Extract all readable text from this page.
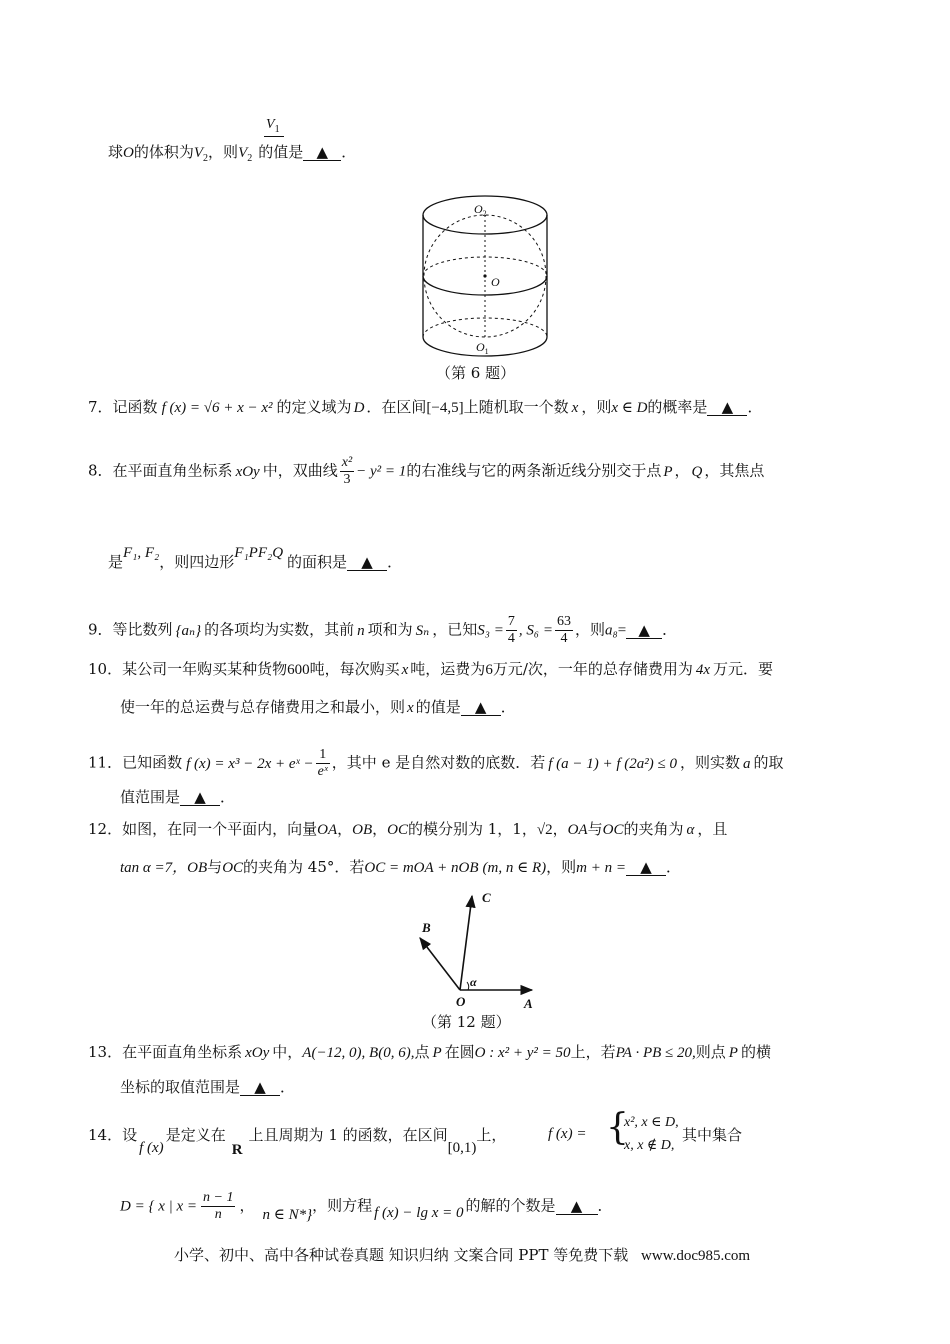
$V_1$
球O的体积为$V_2$，则$V_2$ 的值是 ▲ ．
$O_2$
O
$O_1$
（第 6 题）
7．记函数 f (x) = √6 + x − x² 的定义域为 D ．在区间[−4,5]上随机取一个数 x ，则x ∈ D的概率是 ▲ ．
8．在平面直角坐标系 xOy 中，双曲线 $\frac{\text{x²}}{3} - y^2 = 1$的右准线与它的两条渐近线分别交于点 P ， Q ，其焦点
是F₁, F₂，则四边形F₁PF₂Q 的面积是 ▲ ．
9．等比数列 {aₙ} 的各项均为实数，其前 n 项和为 Sₙ ，已知$S_3 = \frac{7}{4}$ , $S_6 = \frac{63}{4}$ ，则a₈= ▲ ．
10．某公司一年购买某种货物600吨，每次购买 x 吨，运费为6万元/次，一年的总存储费用为 4x 万元．要
使一年的总运费与总存储费用之和最小，则 x 的值是 ▲ ．
11．已知函数 f (x) = x³ − 2x + eˣ − $\frac{1}{\text{eˣ}}$ ，其中 e 是自然对数的底数．若 f (a − 1) + f (2a²) ≤ 0 ，则实数 a 的取
值范围是 ▲ ．
12．如图，在同一个平面内，向量OA，OB，OC的模分别为 1，1，√2，OA与OC的夹角为 α ，且
tan α =7，OB与OC的夹角为 45°．若OC = mOA + nOB (m, n ∈ R)，则m + n = ▲ ．
C
B
A
O
α
（第 12 题）
13．在平面直角坐标系 xOy 中，A(−12, 0), B(0, 6),点 P 在圆O : x² + y² = 50上，若PA · PB ≤ 20,则点 P 的横
坐标的取值范围是 ▲ ．
14．设f (x)是定义在R上且周期为 1 的函数，在区间[0,1)上，	f (x) = {
x², x ∈ D,
x, x ∉ D,
其中集合
D = { x | $x = \frac{n - 1}{n}$ ， n ∈ N*}，则方程 f (x) − lg x = 0 的解的个数是 ▲ ．
小学、初中、高中各种试卷真题 知识归纳 文案合同 PPT 等免费下载 www.doc985.com
